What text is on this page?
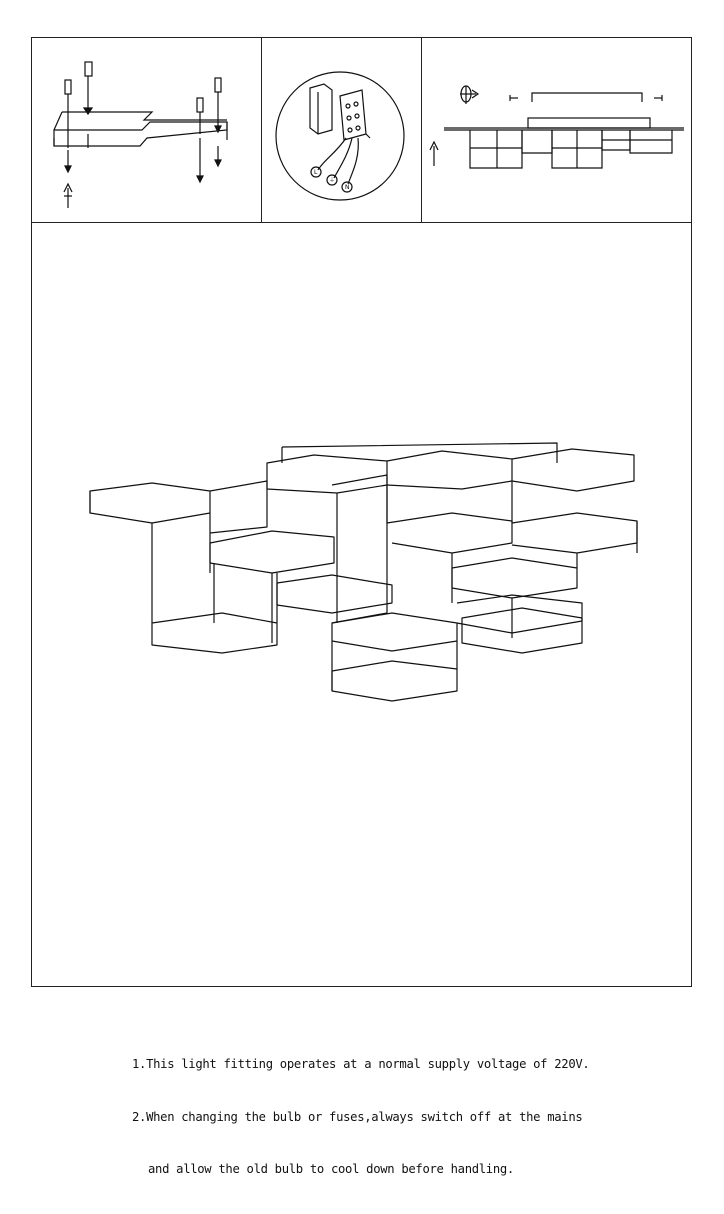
L
⏚
N

1.This light fitting operates at a normal supply voltage of 220V.

2.When changing the bulb or fuses,always switch off at the mains

and allow the old bulb to cool down before handling.
